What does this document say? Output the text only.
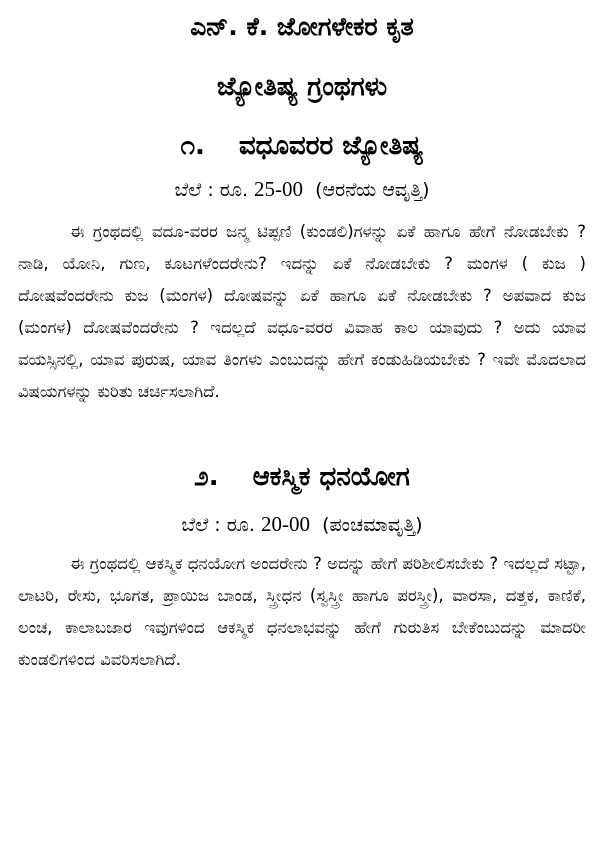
ಎನ್‌. ಕೆ. ಜೋಗಳೇಕರ ಕೃತ

ಜ್ಯೋತಿಷ್ಯ ಗ್ರಂಥಗಳು

೧. ವಧೂವರರ ಜ್ಯೋತಿಷ್ಯ
ಬೆಲೆ : ರೂ. 25-00 (ಆರನೆಯ ಆವೃತ್ತಿ)

ಈ ಗ್ರಂಥದಲ್ಲಿ ವದೂ-ವರರ ಜನ್ಮ ಟಿಪ್ಪಣಿ (ಕುಂಡಲಿ)ಗಳನ್ನು ಏಕೆ ಹಾಗೂ ಹೇಗೆ ನೋಡಬೇಕು ? ನಾಡಿ, ಯೋನಿ, ಗುಣ, ಕೂಟಗಳೆಂದರೇನು? ಇದನ್ನು ಏಕೆ ನೋಡಬೇಕು ? ಮಂಗಳ ( ಕುಜ ) ದೋಷವೆಂದರೇನು ಕುಜ (ಮಂಗಳ) ದೋಷವನ್ನು ಏಕೆ ಹಾಗೂ ಏಕೆ ನೋಡಬೇಕು ? ಅಪವಾದ ಕುಜ (ಮಂಗಳ) ದೋಷವೆಂದರೇನು ? ಇದಲ್ಲದೆ ವಧೂ-ವರರ ವಿವಾಹ ಕಾಲ ಯಾವುದು ? ಅದು ಯಾವ ವಯಸ್ಸಿನಲ್ಲಿ, ಯಾವ ಪುರುಷ, ಯಾವ ತಿಂಗಳು ಎಂಬುದನ್ನು ಹೇಗೆ ಕಂಡುಹಿಡಿಯಬೇಕು ? ಇವೇ ಮೊದಲಾದ ವಿಷಯಗಳನ್ನು ಕುರಿತು ಚರ್ಚಿಸಲಾಗಿದೆ.

೨. ಆಕಸ್ಮಿಕ ಧನಯೋಗ
ಬೆಲೆ : ರೂ. 20-00 (ಪಂಚಮಾವೃತ್ತಿ)

ಈ ಗ್ರಂಥದಲ್ಲಿ ಆಕಸ್ಮಿಕ ಧನಯೋಗ ಅಂದರೇನು ? ಅದನ್ನು ಹೇಗೆ ಪರಿಶೀಲಿಸಬೇಕು ? ಇದಲ್ಲದೆ ಸಟ್ಟಾ, ಲಾಟರಿ, ರೇಸು, ಭೂಗತ, ಪ್ರಾಯಿಜ ಬಾಂಡ, ಸ್ತ್ರೀಧನ (ಸ್ವಸ್ತ್ರೀ ಹಾಗೂ ಪರಸ್ತ್ರೀ), ವಾರಸಾ, ದತ್ತಕ, ಕಾಣಿಕೆ, ಲಂಚ, ಕಾಲಾಬಜಾರ ಇವುಗಳಿಂದ ಆಕಸ್ಮಿಕ ಧನಲಾಭವನ್ನು ಹೇಗೆ ಗುರುತಿಸ ಬೇಕೆಂಬುದನ್ನು ಮಾದರೀ ಕುಂಡಲಿಗಳಿಂದ ವಿವರಿಸಲಾಗಿದೆ.
